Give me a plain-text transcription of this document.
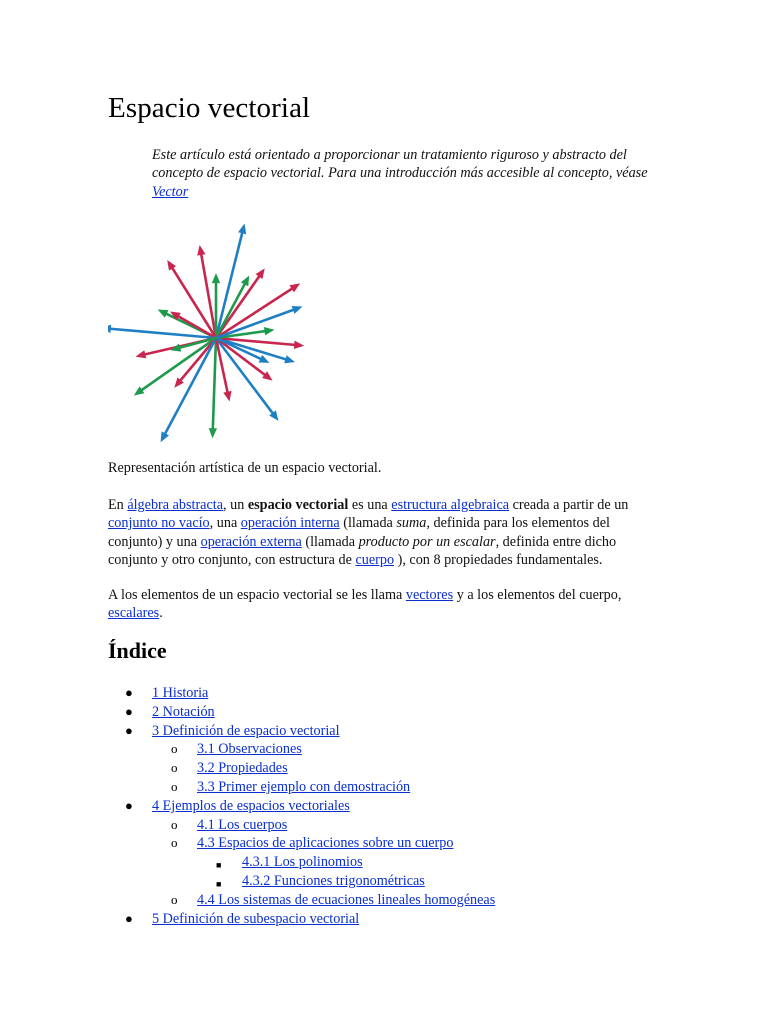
Espacio vectorial
Este artículo está orientado a proporcionar un tratamiento riguroso y abstracto del concepto de espacio vectorial. Para una introducción más accesible al concepto, véase Vector
Representación artística de un espacio vectorial.
En álgebra abstracta, un espacio vectorial es una estructura algebraica creada a partir de un conjunto no vacío, una operación interna (llamada suma, definida para los elementos del conjunto) y una operación externa (llamada producto por un escalar, definida entre dicho conjunto y otro conjunto, con estructura de cuerpo ), con 8 propiedades fundamentales.
A los elementos de un espacio vectorial se les llama vectores y a los elementos del cuerpo, escalares.
Índice
● 1 Historia
● 2 Notación
● 3 Definición de espacio vectorial
o 3.1 Observaciones
o 3.2 Propiedades
o 3.3 Primer ejemplo con demostración
● 4 Ejemplos de espacios vectoriales
o 4.1 Los cuerpos
o 4.3 Espacios de aplicaciones sobre un cuerpo
■ 4.3.1 Los polinomios
■ 4.3.2 Funciones trigonométricas
o 4.4 Los sistemas de ecuaciones lineales homogéneas
● 5 Definición de subespacio vectorial
